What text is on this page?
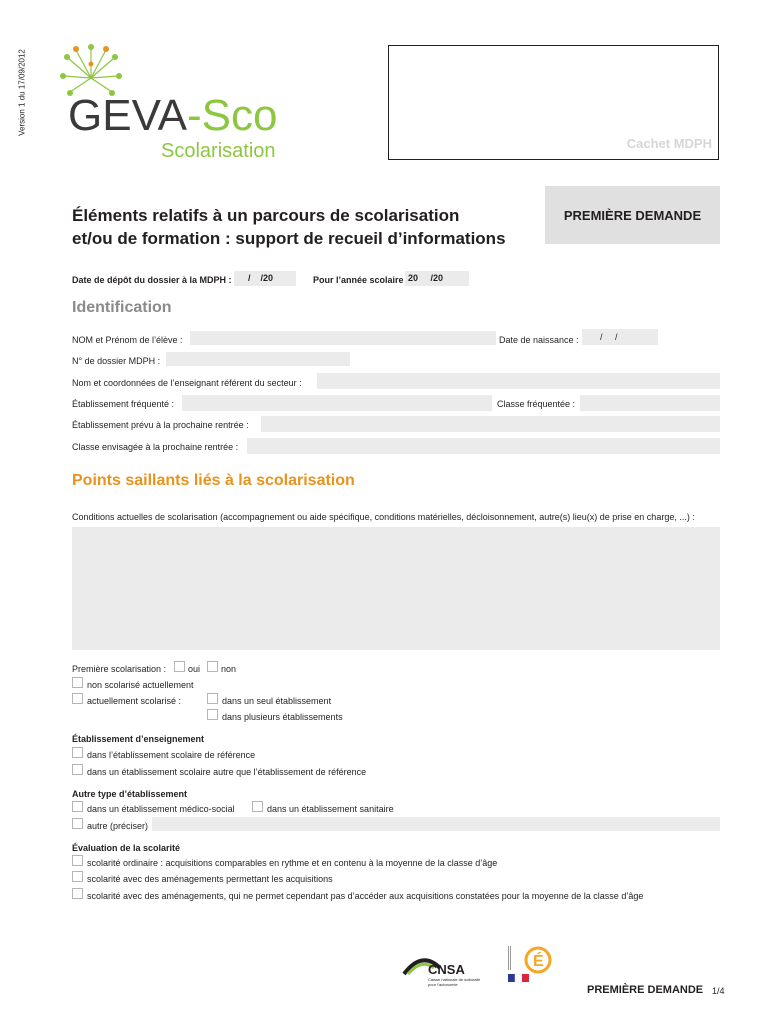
Version 1 du 17/09/2012 GEVA-Sco
Scolarisation	Cachet MDPH
Éléments relatifs à un parcours de scolarisation
et/ou de formation : support de recueil d’informations
PREMIÈRE DEMANDE
Date de dépôt du dossier à la MDPH : /    /20	Pour l’année scolaire 20     /20
Identification
NOM et Prénom de l’élève :	Date de naissance : /     /
N° de dossier MDPH :
Nom et coordonnées de l’enseignant référent du secteur :
Établissement fréquenté :	Classe fréquentée :
Établissement prévu à la prochaine rentrée :
Classe envisagée à la prochaine rentrée :
Points saillants liés à la scolarisation
Conditions actuelles de scolarisation (accompagnement ou aide spécifique, conditions matérielles, décloisonnement, autre(s) lieu(x) de prise en charge, ...) :
Première scolarisation : oui non
non scolarisé actuellement
actuellement scolarisé :	dans un seul établissement
dans plusieurs établissements
Établissement d’enseignement
dans l’établissement scolaire de référence
dans un établissement scolaire autre que l’établissement de référence
Autre type d’établissement
dans un établissement médico-social	dans un établissement sanitaire
autre (préciser)
Évaluation de la scolarité
scolarité ordinaire : acquisitions comparables en rythme et en contenu à la moyenne de la classe d’âge
scolarité avec des aménagements permettant les acquisitions
scolarité avec des aménagements, qui ne permet cependant pas d’accéder aux acquisitions constatées pour la moyenne de la classe d’âge
CNSA
Caisse nationale de solidarité pour l’autonomie
É
PREMIÈRE DEMANDE 1/4
